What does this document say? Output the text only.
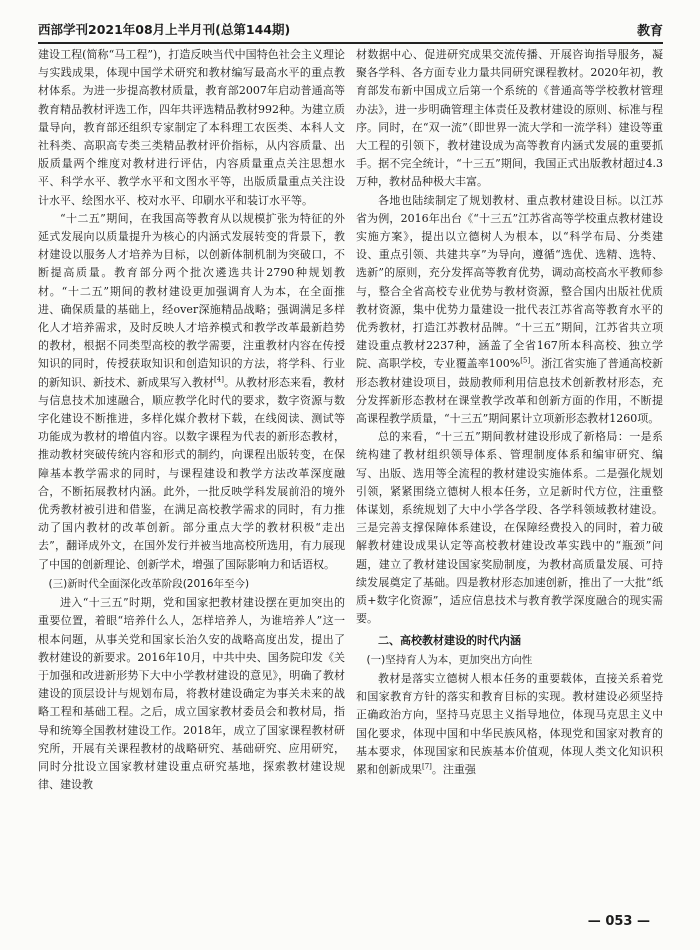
西部学刊2021年08月上半月刊(总第144期)	教育

建设工程(简称“马工程”)，打造反映当代中国特色社会主义理论与实践成果，体现中国学术研究和教材编写最高水平的重点教材体系。为进一步提高教材质量，教育部2007年启动普通高等教育精品教材评选工作，四年共评选精品教材992种。为建立质量导向，教育部还组织专家制定了本科理工农医类、本科人文社科类、高职高专类三类精品教材评价指标，从内容质量、出版质量两个维度对教材进行评估，内容质量重点关注思想水平、科学水平、教学水平和文图水平等，出版质量重点关注设计水平、绘图水平、校对水平、印刷水平和装订水平等。

“十二五”期间，在我国高等教育从以规模扩张为特征的外延式发展向以质量提升为核心的内涵式发展转变的背景下，教材建设以服务人才培养为目标，以创新体制机制为突破口，不断提高质量。教育部分两个批次遴选共计2790种规划教材。“十二五”期间的教材建设更加强调育人为本，在全面推进、确保质量的基础上，经over深施精品战略；强调满足多样化人才培养需求，及时反映人才培养模式和教学改革最新趋势的教材，根据不同类型高校的教学需要，注重教材内容在传授知识的同时，传授获取知识和创造知识的方法，将学科、行业的新知识、新技术、新成果写入教材[4]。从教材形态来看，教材与信息技术加速融合，顺应教学化时代的要求，数字资源与数字化建设不断推进，多样化媒介教材下载，在线阅读、测试等功能成为教材的增值内容。以数字课程为代表的新形态教材，推动教材突破传统内容和形式的制约，向课程出版转变，在保障基本教学需求的同时，与课程建设和教学方法改革深度融合，不断拓展教材内涵。此外，一批反映学科发展前沿的境外优秀教材被引进和借鉴，在满足高校教学需求的同时，有力推动了国内教材的改革创新。部分重点大学的教材积极“走出去”，翻译成外文，在国外发行并被当地高校所选用，有力展现了中国的创新理论、创新学术，增强了国际影响力和话语权。

(三)新时代全面深化改革阶段(2016年至今)

进入“十三五”时期，党和国家把教材建设摆在更加突出的重要位置，着眼“培养什么人，怎样培养人，为谁培养人”这一根本问题，从事关党和国家长治久安的战略高度出发，提出了教材建设的新要求。2016年10月，中共中央、国务院印发《关于加强和改进新形势下大中小学教材建设的意见》，明确了教材建设的顶层设计与规划布局，将教材建设确定为事关未来的战略工程和基础工程。之后，成立国家教材委员会和教材局，指导和统筹全国教材建设工作。2018年，成立了国家课程教材研究所，开展有关课程教材的战略研究、基础研究、应用研究，同时分批设立国家教材建设重点研究基地，探索教材建设规律、建设教

材数据中心、促进研究成果交流传播、开展咨询指导服务，凝聚各学科、各方面专业力量共同研究课程教材。2020年初，教育部发布新中国成立后第一个系统的《普通高等学校教材管理办法》，进一步明确管理主体责任及教材建设的原则、标准与程序。同时，在“双一流”（即世界一流大学和一流学科）建设等重大工程的引领下，教材建设成为高等教育内涵式发展的重要抓手。据不完全统计，“十三五”期间，我国正式出版教材超过4.3万种，教材品种极大丰富。

各地也陆续制定了规划教材、重点教材建设目标。以江苏省为例，2016年出台《“十三五”江苏省高等学校重点教材建设实施方案》，提出以立德树人为根本，以“科学布局、分类建设、重点引领、共建共享”为导向，遵循“选优、选精、选特、选新”的原则，充分发挥高等教育优势，调动高校高水平教师参与，整合全省高校专业优势与教材资源，整合国内出版社优质教材资源，集中优势力量建设一批代表江苏省高等教育水平的优秀教材，打造江苏教材品牌。“十三五”期间，江苏省共立项建设重点教材2237种，涵盖了全省167所本科高校、独立学院、高职学校，专业覆盖率100%[5]。浙江省实施了普通高校新形态教材建设项目，鼓励教师利用信息技术创新教材形态，充分发挥新形态教材在课堂教学改革和创新方面的作用，不断提高课程教学质量，“十三五”期间累计立项新形态教材1260项。

总的来看，“十三五”期间教材建设形成了新格局：一是系统构建了教材组织领导体系、管理制度体系和编审研究、编写、出版、选用等全流程的教材建设实施体系。二是强化规划引领，紧紧围绕立德树人根本任务，立足新时代方位，注重整体谋划，系统规划了大中小学各学段、各学科领域教材建设。三是完善支撑保障体系建设，在保障经费投入的同时，着力破解教材建设成果认定等高校教材建设改革实践中的“瓶颈”问题，建立了教材建设国家奖励制度，为教材高质量发展、可持续发展奠定了基础。四是教材形态加速创新，推出了一大批“纸质+数字化资源”，适应信息技术与教育教学深度融合的现实需要。

二、高校教材建设的时代内涵

(一)坚持育人为本，更加突出方向性

教材是落实立德树人根本任务的重要载体，直接关系着党和国家教育方针的落实和教育目标的实现。教材建设必须坚持正确政治方向，坚持马克思主义指导地位，体现马克思主义中国化要求，体现中国和中华民族风格，体现党和国家对教育的基本要求，体现国家和民族基本价值观，体现人类文化知识积累和创新成果[7]。注重强

— 053 —
